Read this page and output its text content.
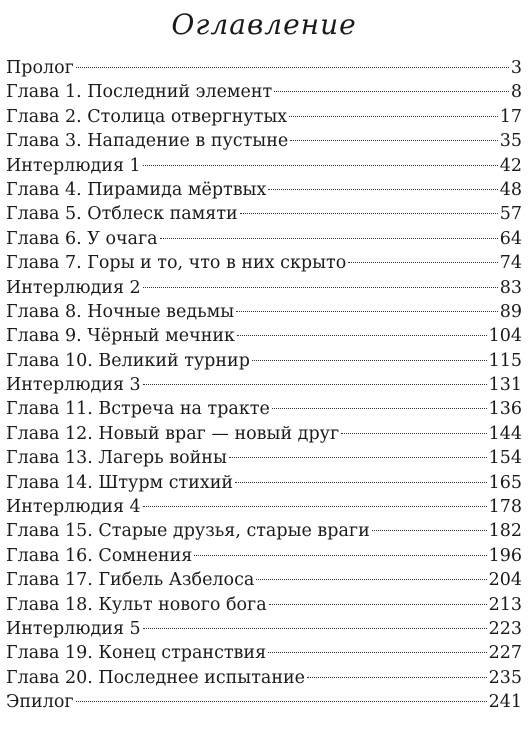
Оглавление
Пролог	3
Глава 1. Последний элемент	8
Глава 2. Столица отвергнутых	17
Глава 3. Нападение в пустыне	35
Интерлюдия 1	42
Глава 4. Пирамида мёртвых	48
Глава 5. Отблеск памяти	57
Глава 6. У очага	64
Глава 7. Горы и то, что в них скрыто	74
Интерлюдия 2	83
Глава 8. Ночные ведьмы	89
Глава 9. Чёрный мечник	104
Глава 10. Великий турнир	115
Интерлюдия 3	131
Глава 11. Встреча на тракте	136
Глава 12. Новый враг — новый друг	144
Глава 13. Лагерь войны	154
Глава 14. Штурм стихий	165
Интерлюдия 4	178
Глава 15. Старые друзья, старые враги	182
Глава 16. Сомнения	196
Глава 17. Гибель Азбелоса	204
Глава 18. Культ нового бога	213
Интерлюдия 5	223
Глава 19. Конец странствия	227
Глава 20. Последнее испытание	235
Эпилог	241
